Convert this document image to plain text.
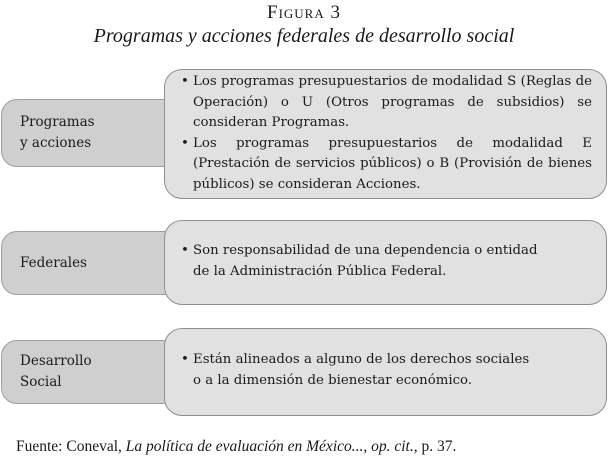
Figura 3
Programas y acciones federales de desarrollo social
Programas
y acciones
• Los programas presupuestarios de modalidad S (Reglas de Operación) o U (Otros programas de subsidios) se consideran Programas.
• Los programas presupuestarios de modalidad E (Prestación de servicios públicos) o B (Provisión de bienes públicos) se consideran Acciones.
Federales
• Son responsabilidad de una dependencia o entidad
de la Administración Pública Federal.
Desarrollo
Social
• Están alineados a alguno de los derechos sociales
o a la dimensión de bienestar económico.
Fuente: Coneval, La política de evaluación en México..., op. cit., p. 37.
